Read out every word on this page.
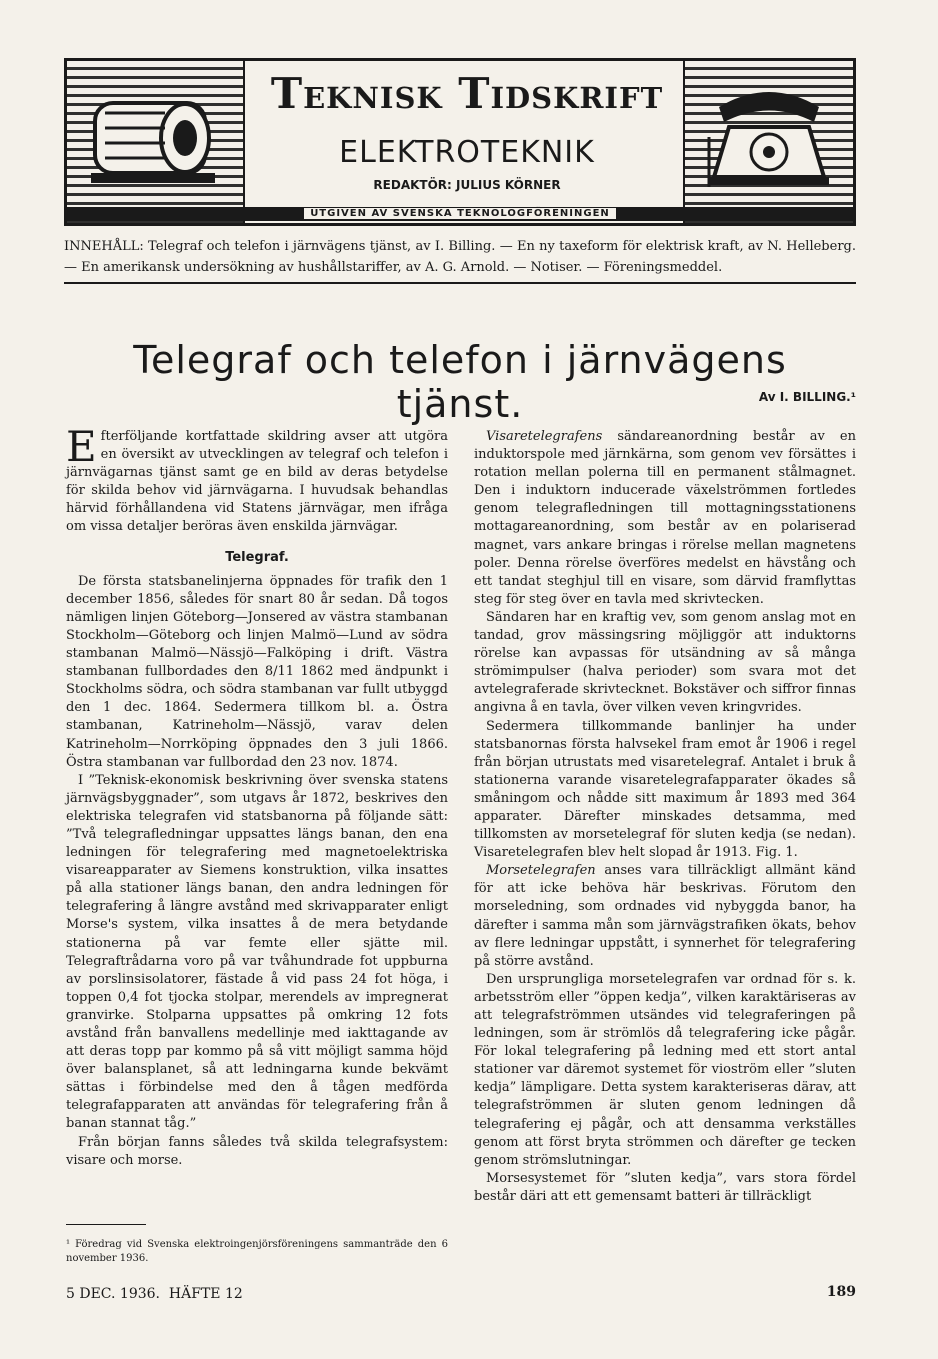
Teknisk Tidskrift
ELEKTROTEKNIK
REDAKTÖR: JULIUS KÖRNER
UTGIVEN AV SVENSKA TEKNOLOGFÖRENINGEN
INNEHÅLL: Telegraf och telefon i järnvägens tjänst, av I. Billing. — En ny taxeform för elektrisk kraft, av N. Helleberg. — En amerikansk undersökning av hushållstariffer, av A. G. Arnold. — Notiser. — Föreningsmeddel.
Telegraf och telefon i järnvägens tjänst.	Av I. BILLING.¹

Efterföljande kortfattade skildring avser att utgöra en översikt av utvecklingen av telegraf och telefon i järnvägarnas tjänst samt ge en bild av deras betydelse för skilda behov vid järnvägarna. I huvudsak behandlas härvid förhållandena vid Statens järnvägar, men ifråga om vissa detaljer beröras även enskilda järnvägar.

Telegraf.

De första statsbanelinjerna öppnades för trafik den 1 december 1856, således för snart 80 år sedan. Då togos nämligen linjen Göteborg—Jonsered av västra stambanan Stockholm—Göteborg och linjen Malmö—Lund av södra stambanan Malmö—Nässjö—Falköping i drift. Västra stambanan fullbordades den 8/11 1862 med ändpunkt i Stockholms södra, och södra stambanan var fullt utbyggd den 1 dec. 1864. Sedermera tillkom bl. a. Östra stambanan, Katrineholm—Nässjö, varav delen Katrineholm—Norrköping öppnades den 3 juli 1866. Östra stambanan var fullbordad den 23 nov. 1874.

I ”Teknisk-ekonomisk beskrivning över svenska statens järnvägsbyggnader”, som utgavs år 1872, beskrives den elektriska telegrafen vid statsbanorna på följande sätt: ”Två telegrafledningar uppsattes längs banan, den ena ledningen för telegrafering med magnetoelektriska visareapparater av Siemens konstruktion, vilka insattes på alla stationer längs banan, den andra ledningen för telegrafering å längre avstånd med skrivapparater enligt Morse's system, vilka insattes å de mera betydande stationerna på var femte eller sjätte mil. Telegraftrådarna voro på var tvåhundrade fot uppburna av porslinsisolatorer, fästade å vid pass 24 fot höga, i toppen 0,4 fot tjocka stolpar, merendels av impregnerat granvirke. Stolparna uppsattes på omkring 12 fots avstånd från banvallens medellinje med iakttagande av att deras topp par kommo på så vitt möjligt samma höjd över balansplanet, så att ledningarna kunde bekvämt sättas i förbindelse med den å tågen medförda telegrafapparaten att användas för telegrafering från å banan stannat tåg.”

Från början fanns således två skilda telegrafsystem: visare och morse.

Visaretelegrafens sändareanordning består av en induktorspole med järnkärna, som genom vev försättes i rotation mellan polerna till en permanent stålmagnet. Den i induktorn inducerade växelströmmen fortledes genom telegrafledningen till mottagningsstationens mottagareanordning, som består av en polariserad magnet, vars ankare bringas i rörelse mellan magnetens poler. Denna rörelse överföres medelst en hävstång och ett tandat steghjul till en visare, som därvid framflyttas steg för steg över en tavla med skrivtecken.

Sändaren har en kraftig vev, som genom anslag mot en tandad, grov mässingsring möjliggör att induktorns rörelse kan avpassas för utsändning av så många strömimpulser (halva perioder) som svara mot det avtelegraferade skrivtecknet. Bokstäver och siffror finnas angivna å en tavla, över vilken veven kringvrides.

Sedermera tillkommande banlinjer ha under statsbanornas första halvsekel fram emot år 1906 i regel från början utrustats med visaretelegraf. Antalet i bruk å stationerna varande visaretelegrafapparater ökades så småningom och nådde sitt maximum år 1893 med 364 apparater. Därefter minskades detsamma, med tillkomsten av morsetelegraf för sluten kedja (se nedan). Visaretelegrafen blev helt slopad år 1913. Fig. 1.

Morsetelegrafen anses vara tillräckligt allmänt känd för att icke behöva här beskrivas. Förutom den morseledning, som ordnades vid nybyggda banor, ha därefter i samma mån som järnvägstrafiken ökats, behov av flere ledningar uppstått, i synnerhet för telegrafering på större avstånd.

Den ursprungliga morsetelegrafen var ordnad för s. k. arbetsström eller ”öppen kedja”, vilken karaktäriseras av att telegrafströmmen utsändes vid telegraferingen på ledningen, som är strömlös då telegrafering icke pågår. För lokal telegrafering på ledning med ett stort antal stationer var däremot systemet för vioström eller ”sluten kedja” lämpligare. Detta system karakteriseras därav, att telegrafströmmen är sluten genom ledningen då telegrafering ej pågår, och att densamma verkställes genom att först bryta strömmen och därefter ge tecken genom strömslutningar.

Morsesystemet för ”sluten kedja”, vars stora fördel består däri att ett gemensamt batteri är tillräckligt

¹ Föredrag vid Svenska elektroingenjörsföreningens sammanträde den 6 november 1936.
5 DEC. 1936. HÄFTE 12	189
